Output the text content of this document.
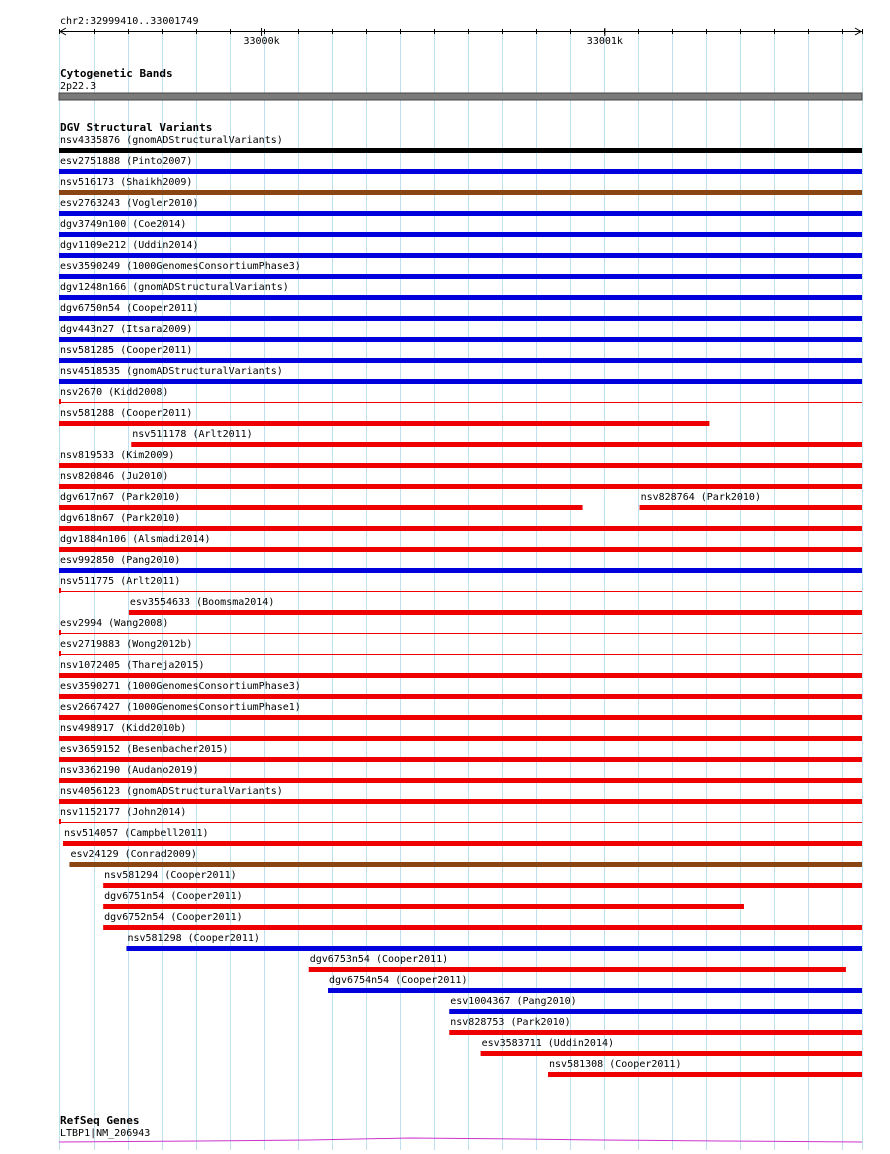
chr2:32999410..33001749
33000k	33001k
Cytogenetic Bands
2p22.3
DGV Structural Variants
nsv4335876 (gnomADStructuralVariants)
esv2751888 (Pinto2007)
nsv516173 (Shaikh2009)
esv2763243 (Vogler2010)
dgv3749n100 (Coe2014)
dgv1109e212 (Uddin2014)
esv3590249 (1000GenomesConsortiumPhase3)
dgv1248n166 (gnomADStructuralVariants)
dgv6750n54 (Cooper2011)
dgv443n27 (Itsara2009)
nsv581285 (Cooper2011)
nsv4518535 (gnomADStructuralVariants)
nsv2670 (Kidd2008)
nsv581288 (Cooper2011)
nsv511178 (Arlt2011)
nsv819533 (Kim2009)
nsv820846 (Ju2010)
dgv617n67 (Park2010)	nsv828764 (Park2010)
dgv618n67 (Park2010)
dgv1884n106 (Alsmadi2014)
esv992850 (Pang2010)
nsv511775 (Arlt2011)
esv3554633 (Boomsma2014)
esv2994 (Wang2008)
esv2719883 (Wong2012b)
nsv1072405 (Thareja2015)
esv3590271 (1000GenomesConsortiumPhase3)
esv2667427 (1000GenomesConsortiumPhase1)
nsv498917 (Kidd2010b)
esv3659152 (Besenbacher2015)
nsv3362190 (Audano2019)
nsv4056123 (gnomADStructuralVariants)
nsv1152177 (John2014)
nsv514057 (Campbell2011)
esv24129 (Conrad2009)
nsv581294 (Cooper2011)
dgv6751n54 (Cooper2011)
dgv6752n54 (Cooper2011)
nsv581298 (Cooper2011)
dgv6753n54 (Cooper2011)
dgv6754n54 (Cooper2011)
esv1004367 (Pang2010)
nsv828753 (Park2010)
esv3583711 (Uddin2014)
nsv581308 (Cooper2011)
RefSeq Genes
LTBP1|NM_206943
